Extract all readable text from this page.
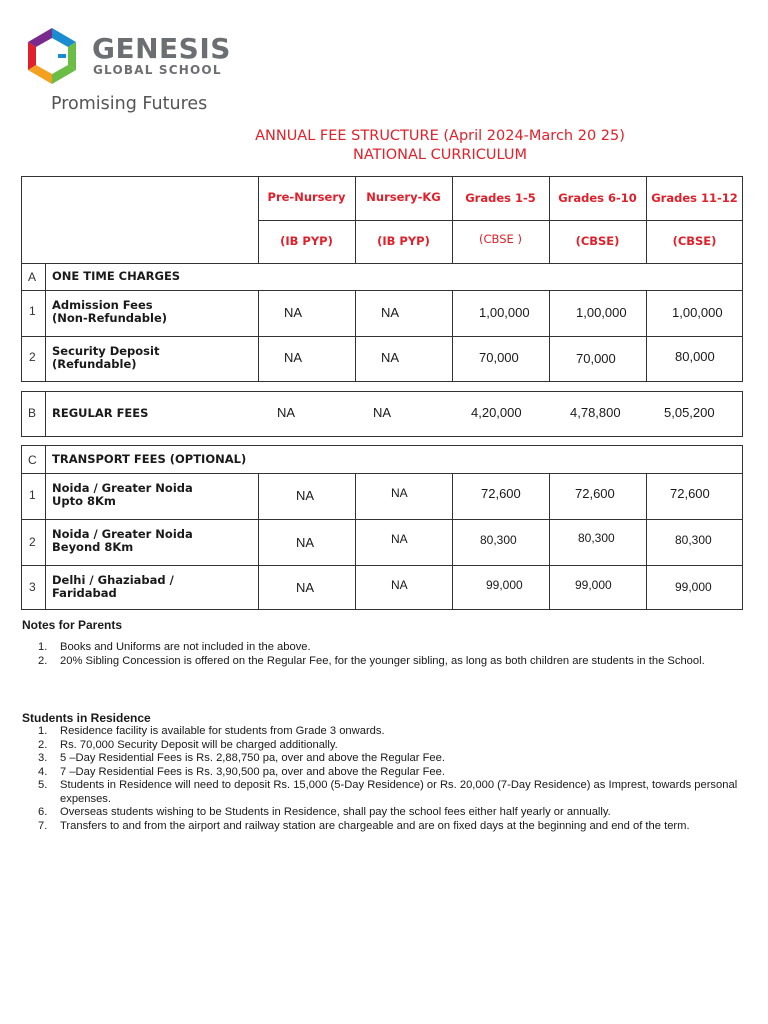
GENESIS
GLOBAL SCHOOL
Promising Futures
ANNUAL FEE STRUCTURE (April 2024-March 20 25)
NATIONAL CURRICULUM
Pre-Nursery	Nursery-KG	Grades 1-5	Grades 6-10	Grades 11-12
(IB PYP)	(IB PYP)	(CBSE )	(CBSE)	(CBSE)
A ONE TIME CHARGES
1 Admission Fees
(Non-Refundable)	NA	NA	1,00,000	1,00,000	1,00,000
2 Security Deposit
(Refundable)	NA	NA	70,000	70,000	80,000
B REGULAR FEES	NA	NA	4,20,000	4,78,800	5,05,200
C TRANSPORT FEES (OPTIONAL)
1 Noida / Greater Noida
Upto 8Km	NA	NA	72,600	72,600	72,600
2
Noida / Greater Noida
Beyond 8Km	NA	NA	80,300	80,300	80,300
3 Delhi / Ghaziabad /
Faridabad	NA	NA	99,000	99,000	99,000
Notes for Parents
1. Books and Uniforms are not included in the above.
2. 20% Sibling Concession is offered on the Regular Fee, for the younger sibling, as long as both children are students in the School.
Students in Residence
1. Residence facility is available for students from Grade 3 onwards.
2. Rs. 70,000 Security Deposit will be charged additionally.
3. 5 –Day Residential Fees is Rs. 2,88,750 pa, over and above the Regular Fee.
4. 7 –Day Residential Fees is Rs. 3,90,500 pa, over and above the Regular Fee.
5. Students in Residence will need to deposit Rs. 15,000 (5-Day Residence) or Rs. 20,000 (7-Day Residence) as Imprest, towards personal expenses.
6. Overseas students wishing to be Students in Residence, shall pay the school fees either half yearly or annually.
7. Transfers to and from the airport and railway station are chargeable and are on fixed days at the beginning and end of the term.
